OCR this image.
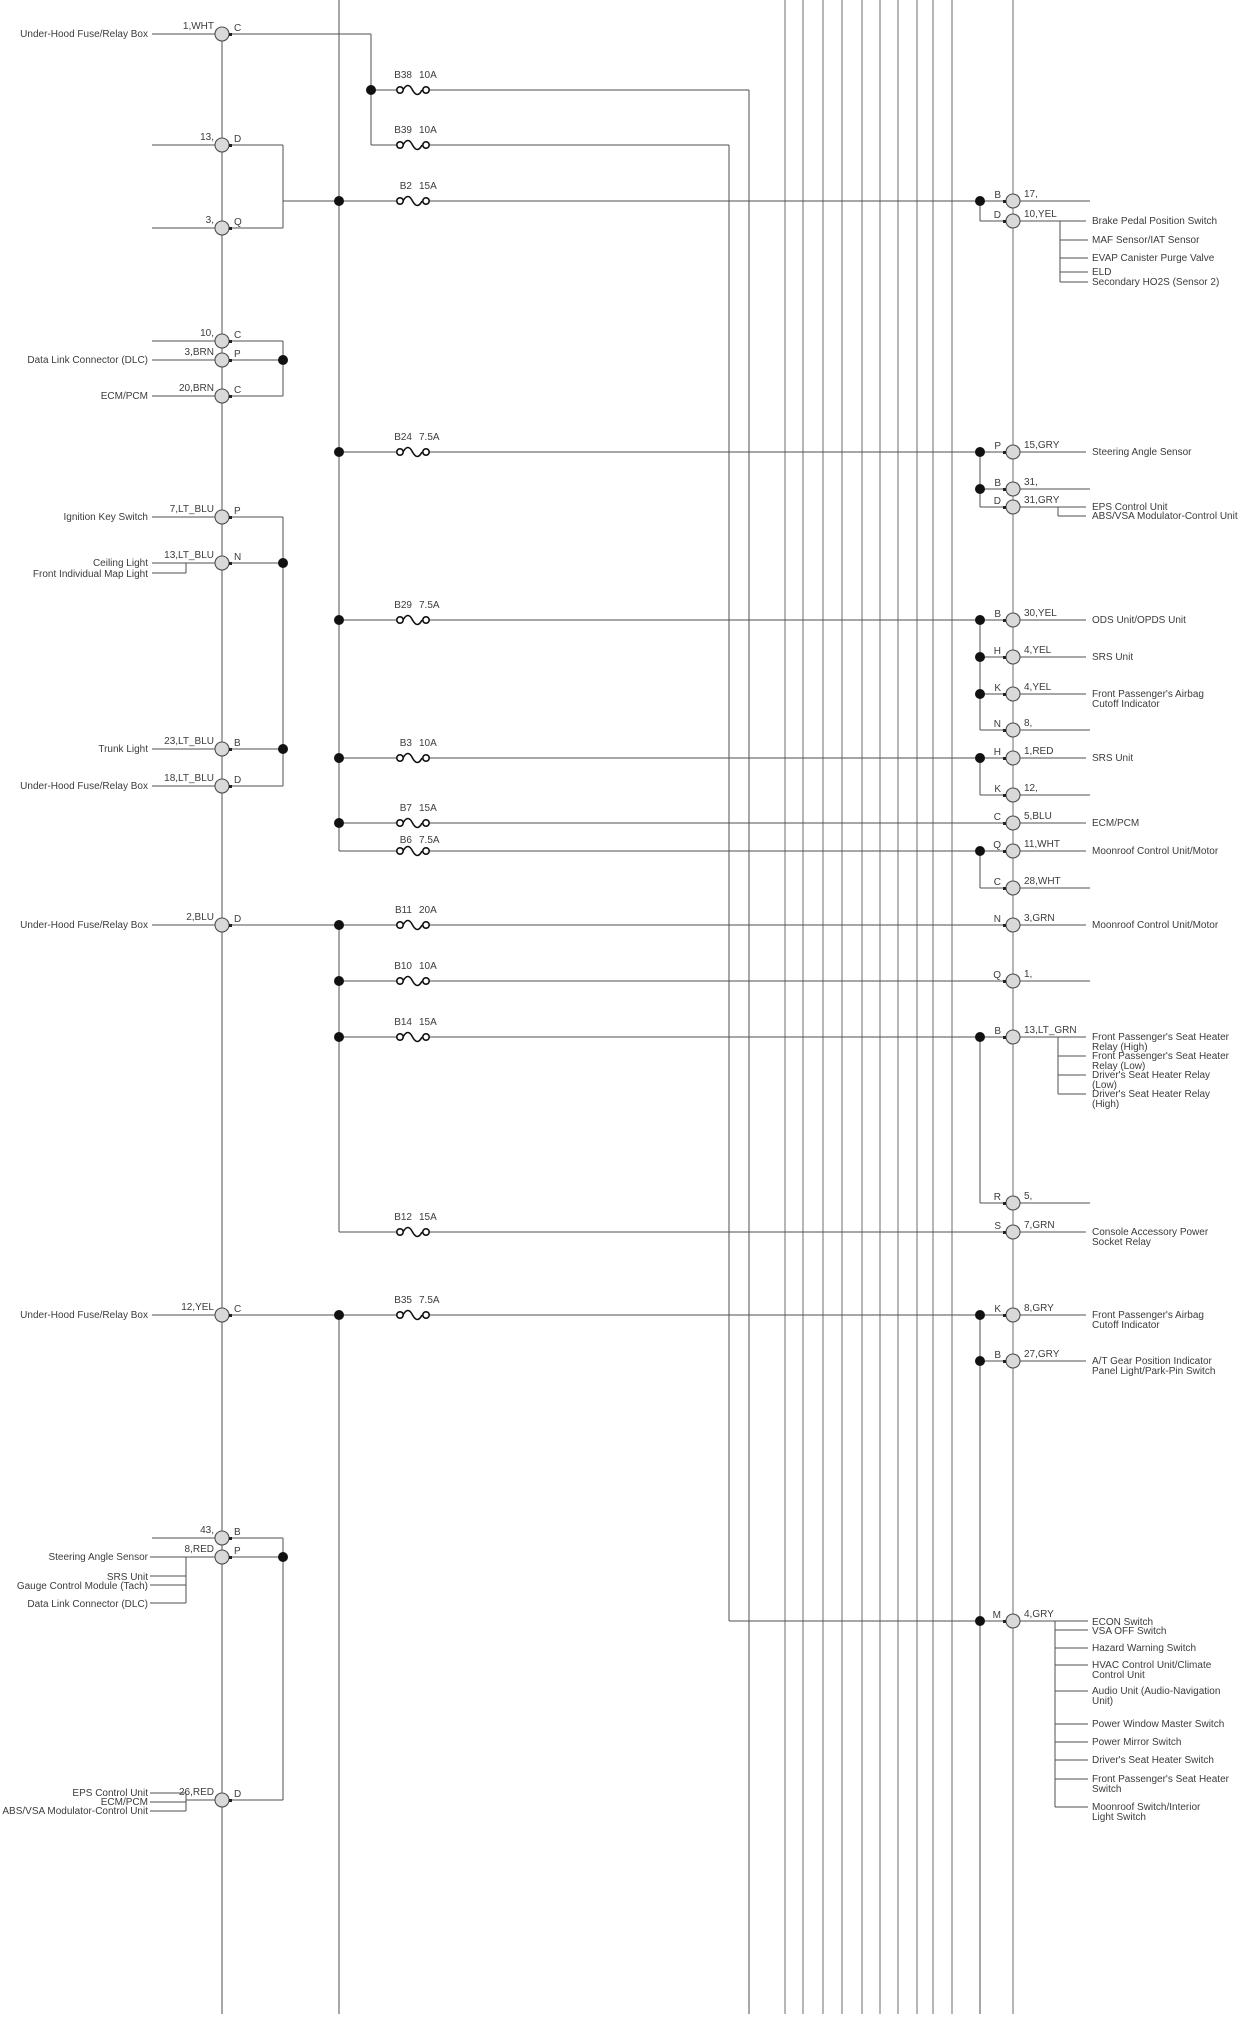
B38 10A
B39 10A
B2 15A
B24 7.5A
B29 7.5A
B3 10A
B7 15A
B6 7.5A
B11 20A
B10 10A
B14 15A
B12 15A
B35 7.5A
Under-Hood Fuse/Relay Box
1,WHT C
13, D
3, Q
10, C
Data Link Connector (DLC)
3,BRN P
ECM/PCM
20,BRN C
Ignition Key Switch
7,LT_BLU P
Ceiling Light
Front Individual Map Light
13,LT_BLU N
Trunk Light
23,LT_BLU B
Under-Hood Fuse/Relay Box
18,LT_BLU D
Under-Hood Fuse/Relay Box
2,BLU D
Under-Hood Fuse/Relay Box
12,YEL C
43, B
Steering Angle Sensor
SRS Unit
Gauge Control Module (Tach)
Data Link Connector (DLC)
8,RED P
EPS Control Unit
ECM/PCM
ABS/VSA Modulator-Control Unit
26,RED D
B 17,
D 10,YEL
Brake Pedal Position Switch
MAF Sensor/IAT Sensor
EVAP Canister Purge Valve
ELD
Secondary HO2S (Sensor 2)
P 15,GRY
Steering Angle Sensor
B 31,
D 31,GRY
EPS Control Unit
ABS/VSA Modulator-Control Unit
B 30,YEL
ODS Unit/OPDS Unit
H 4,YEL
SRS Unit
K 4,YEL
Front Passenger's Airbag
Cutoff Indicator
N 8,
H 1,RED
SRS Unit
K 12,
C 5,BLU
ECM/PCM
Q 11,WHT
Moonroof Control Unit/Motor
C 28,WHT
N 3,GRN
Moonroof Control Unit/Motor
Q 1,
B 13,LT_GRN
Front Passenger's Seat Heater
Relay (High)
Front Passenger's Seat Heater
Relay (Low)
Driver's Seat Heater Relay
(Low)
Driver's Seat Heater Relay
(High)
R 5,
S 7,GRN
Console Accessory Power
Socket Relay
K 8,GRY
Front Passenger's Airbag
Cutoff Indicator
B 27,GRY
A/T Gear Position Indicator
Panel Light/Park-Pin Switch
M 4,GRY
ECON Switch
VSA OFF Switch
Hazard Warning Switch
HVAC Control Unit/Climate
Control Unit
Audio Unit (Audio-Navigation
Unit)
Power Window Master Switch
Power Mirror Switch
Driver's Seat Heater Switch
Front Passenger's Seat Heater
Switch
Moonroof Switch/Interior
Light Switch
